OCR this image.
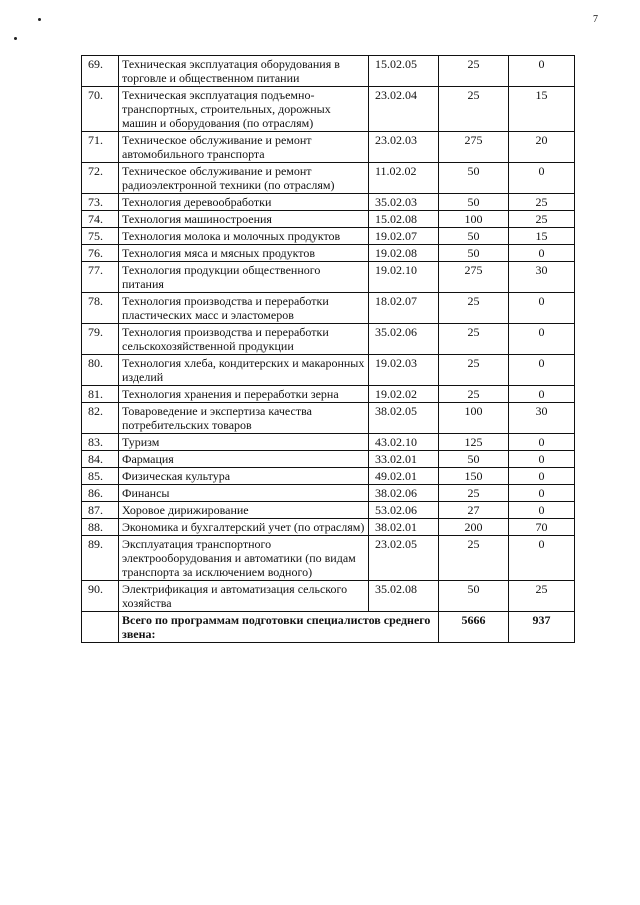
7
69.	Техническая эксплуатация оборудования в торговле и общественном питании	15.02.05	25	0
70.	Техническая эксплуатация подъемно-транспортных, строительных, дорожных машин и оборудования (по отраслям)	23.02.04	25	15
71.	Техническое обслуживание и ремонт автомобильного транспорта	23.02.03	275	20
72.	Техническое обслуживание и ремонт радиоэлектронной техники (по отраслям)	11.02.02	50	0
73.	Технология деревообработки	35.02.03	50	25
74.	Технология машиностроения	15.02.08	100	25
75.	Технология молока и молочных продуктов	19.02.07	50	15
76.	Технология мяса и мясных продуктов	19.02.08	50	0
77.	Технология продукции общественного питания	19.02.10	275	30
78.	Технология производства и переработки пластических масс и эластомеров	18.02.07	25	0
79.	Технология производства и переработки сельскохозяйственной продукции	35.02.06	25	0
80.	Технология хлеба, кондитерских и макаронных изделий	19.02.03	25	0
81.	Технология хранения и переработки зерна	19.02.02	25	0
82.	Товароведение и экспертиза качества потребительских товаров	38.02.05	100	30
83.	Туризм	43.02.10	125	0
84.	Фармация	33.02.01	50	0
85.	Физическая культура	49.02.01	150	0
86.	Финансы	38.02.06	25	0
87.	Хоровое дирижирование	53.02.06	27	0
88.	Экономика и бухгалтерский учет (по отраслям)	38.02.01	200	70
89.	Эксплуатация транспортного электрооборудования и автоматики (по видам транспорта за исключением водного)	23.02.05	25	0
90.	Электрификация и автоматизация сельского хозяйства	35.02.08	50	25
	Всего по программам подготовки специалистов среднего звена:		5666	937
